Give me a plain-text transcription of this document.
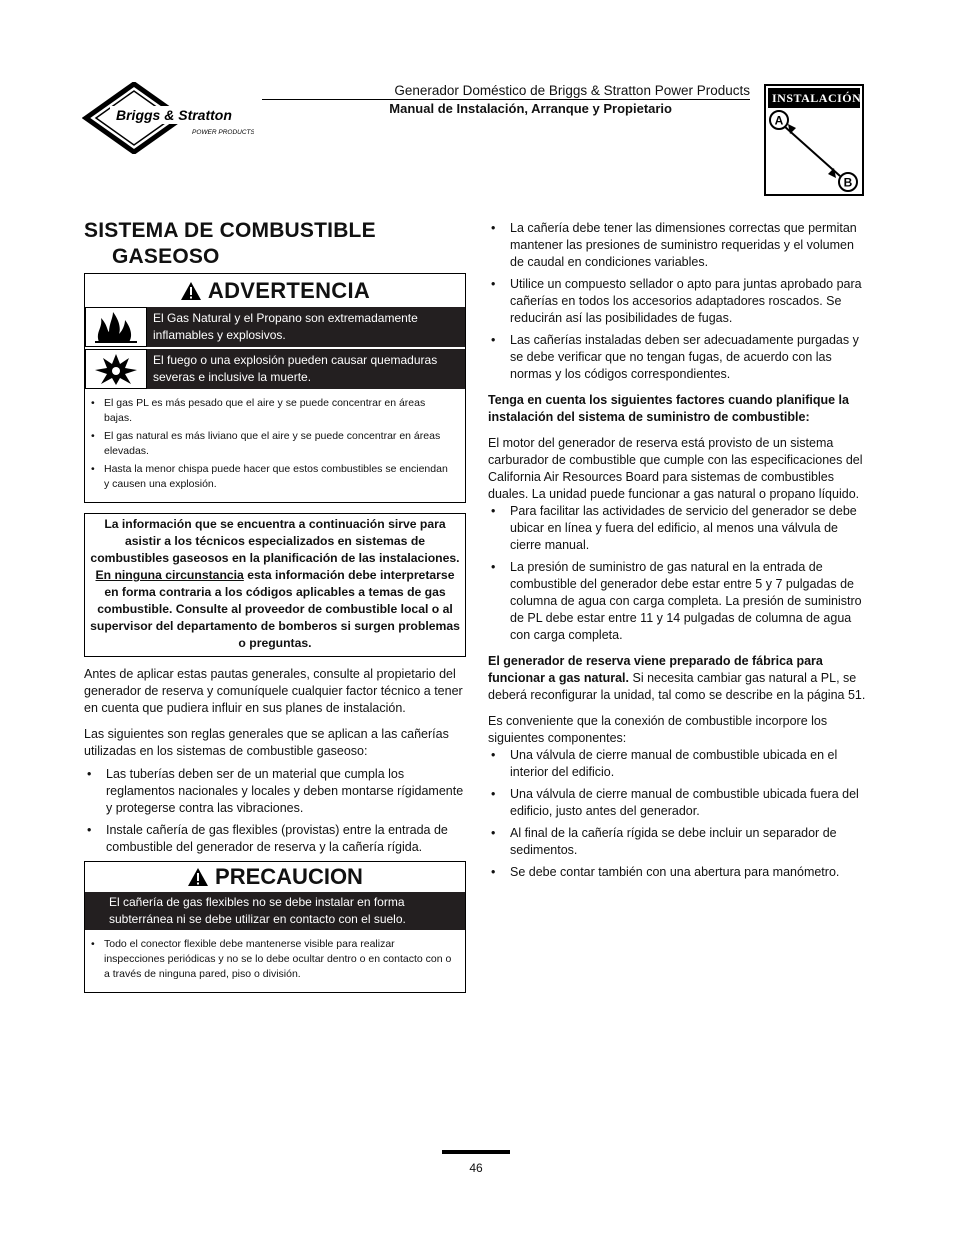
Briggs & Stratton
POWER PRODUCTS
Generador Doméstico de Briggs & Stratton Power Products
Manual de Instalación, Arranque y Propietario
INSTALACIÓN
A
B
SISTEMA DE COMBUSTIBLE
GASEOSO
ADVERTENCIA
El Gas Natural y el Propano son extremadamente inflamables y explosivos.
El fuego o una explosión pueden causar quemaduras severas e inclusive la muerte.
• El gas PL es más pesado que el aire y se puede concentrar en áreas bajas.
• El gas natural es más liviano que el aire y se puede concentrar en áreas elevadas.
• Hasta la menor chispa puede hacer que estos combustibles se enciendan y causen una explosión.
La información que se encuentra a continuación sirve para asistir a los técnicos especializados en sistemas de combustibles gaseosos en la planificación de las instalaciones. En ninguna circunstancia esta información debe interpretarse en forma contraria a los códigos aplicables a temas de gas combustible. Consulte al proveedor de combustible local o al supervisor del departamento de bomberos si surgen problemas o preguntas.

Antes de aplicar estas pautas generales, consulte al propietario del generador de reserva y comuníquele cualquier factor técnico a tener en cuenta que pudiera influir en sus planes de instalación.

Las siguientes son reglas generales que se aplican a las cañerías utilizadas en los sistemas de combustible gaseoso:

• Las tuberías deben ser de un material que cumpla los reglamentos nacionales y locales y deben montarse rígidamente y protegerse contra las vibraciones.
• Instale cañería de gas flexibles (provistas) entre la entrada de combustible del generador de reserva y la cañería rígida.
PRECAUCION
El cañería de gas flexibles no se debe instalar en forma subterránea ni se debe utilizar en contacto con el suelo.
• Todo el conector flexible debe mantenerse visible para realizar inspecciones periódicas y no se lo debe ocultar dentro o en contacto con o a través de ninguna pared, piso o división.
• La cañería debe tener las dimensiones correctas que permitan mantener las presiones de suministro requeridas y el volumen de caudal en condiciones variables.
• Utilice un compuesto sellador o apto para juntas aprobado para cañerías en todos los accesorios adaptadores roscados. Se reducirán así las posibilidades de fugas.
• Las cañerías instaladas deben ser adecuadamente purgadas y se debe verificar que no tengan fugas, de acuerdo con las normas y los códigos correspondientes.

Tenga en cuenta los siguientes factores cuando planifique la instalación del sistema de suministro de combustible:

El motor del generador de reserva está provisto de un sistema carburador de combustible que cumple con las especificaciones del California Air Resources Board para sistemas de combustibles duales. La unidad puede funcionar a gas natural o propano líquido.

• Para facilitar las actividades de servicio del generador se debe ubicar en línea y fuera del edificio, al menos una válvula de cierre manual.
• La presión de suministro de gas natural en la entrada de combustible del generador debe estar entre 5 y 7 pulgadas de columna de agua con carga completa. La presión de suministro de PL debe estar entre 11 y 14 pulgadas de columna de agua con carga completa.

El generador de reserva viene preparado de fábrica para funcionar a gas natural. Si necesita cambiar gas natural a PL, se deberá reconfigurar la unidad, tal como se describe en la página 51.

Es conveniente que la conexión de combustible incorpore los siguientes componentes:

• Una válvula de cierre manual de combustible ubicada en el interior del edificio.
• Una válvula de cierre manual de combustible ubicada fuera del edificio, justo antes del generador.
• Al final de la cañería rígida se debe incluir un separador de sedimentos.
• Se debe contar también con una abertura para manómetro.
46
